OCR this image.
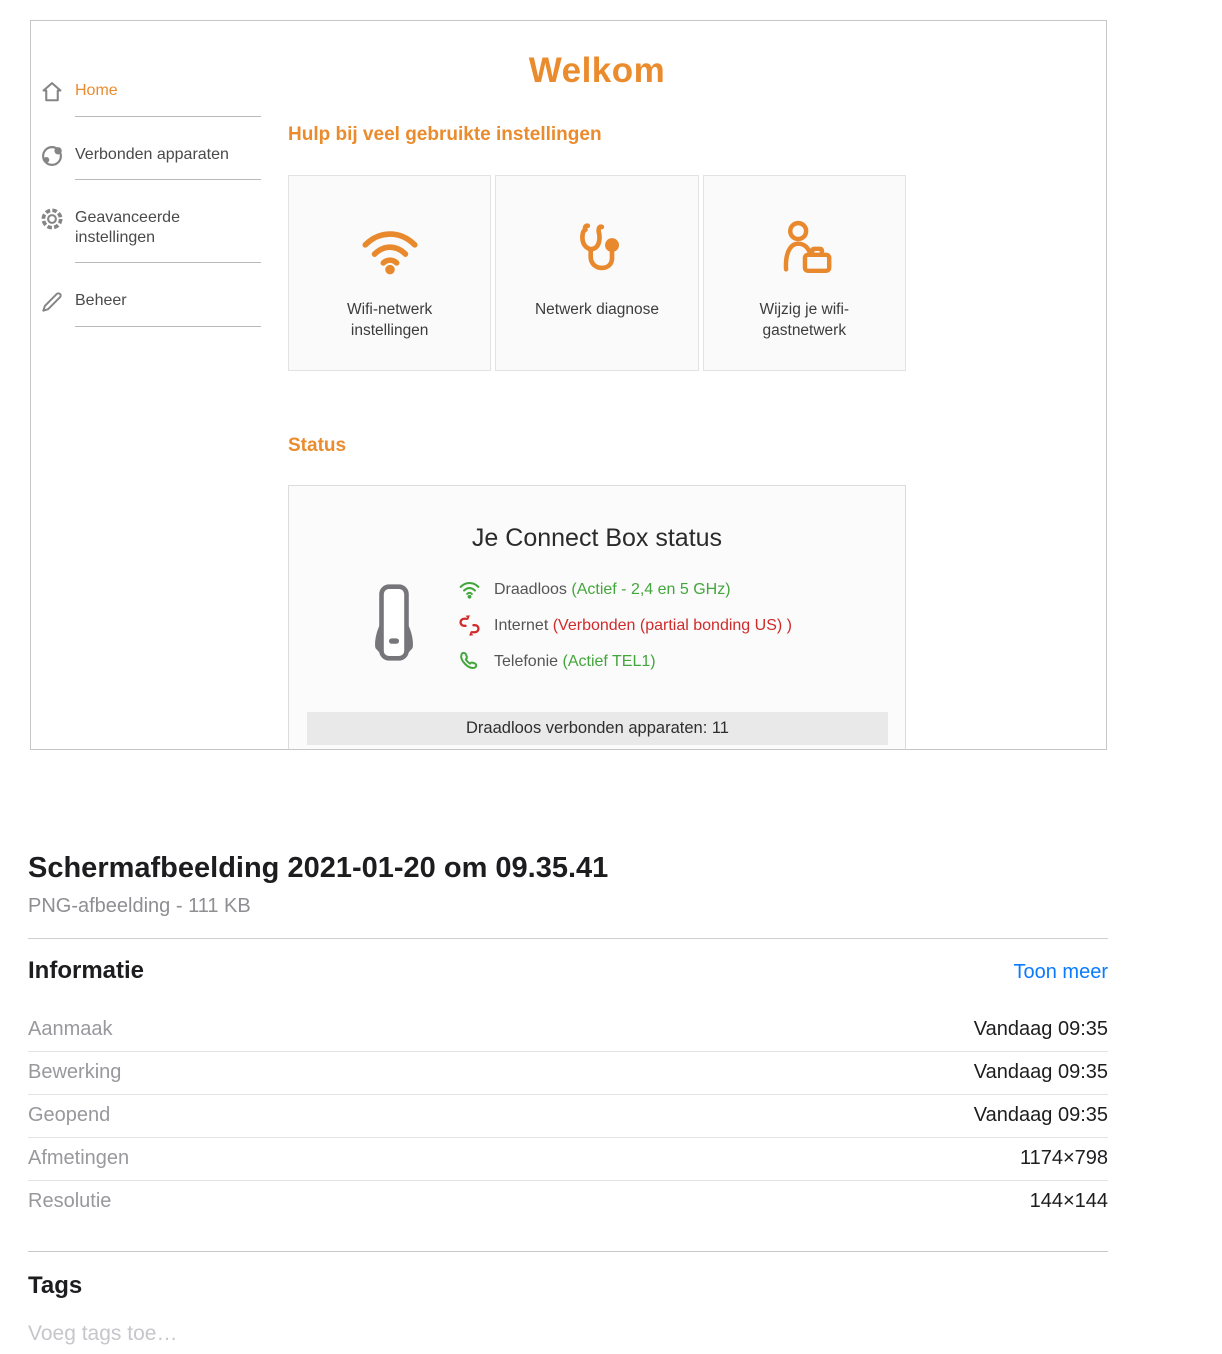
Home
Verbonden apparaten
Geavanceerde instellingen
Beheer
Welkom
Hulp bij veel gebruikte instellingen
Wifi-netwerk instellingen
Netwerk diagnose	Wijzig je wifi-gastnetwerk
Status
Je Connect Box status
Draadloos (Actief - 2,4 en 5 GHz)
Internet (Verbonden (partial bonding US) )
Telefonie (Actief TEL1)
Draadloos verbonden apparaten: 11
Schermafbeelding 2021-01-20 om 09.35.41
PNG-afbeelding - 111 KB
Informatie	Toon meer
Aanmaak	Vandaag 09:35
Bewerking	Vandaag 09:35
Geopend	Vandaag 09:35
Afmetingen	1174×798
Resolutie	144×144
Tags
Voeg tags toe…
